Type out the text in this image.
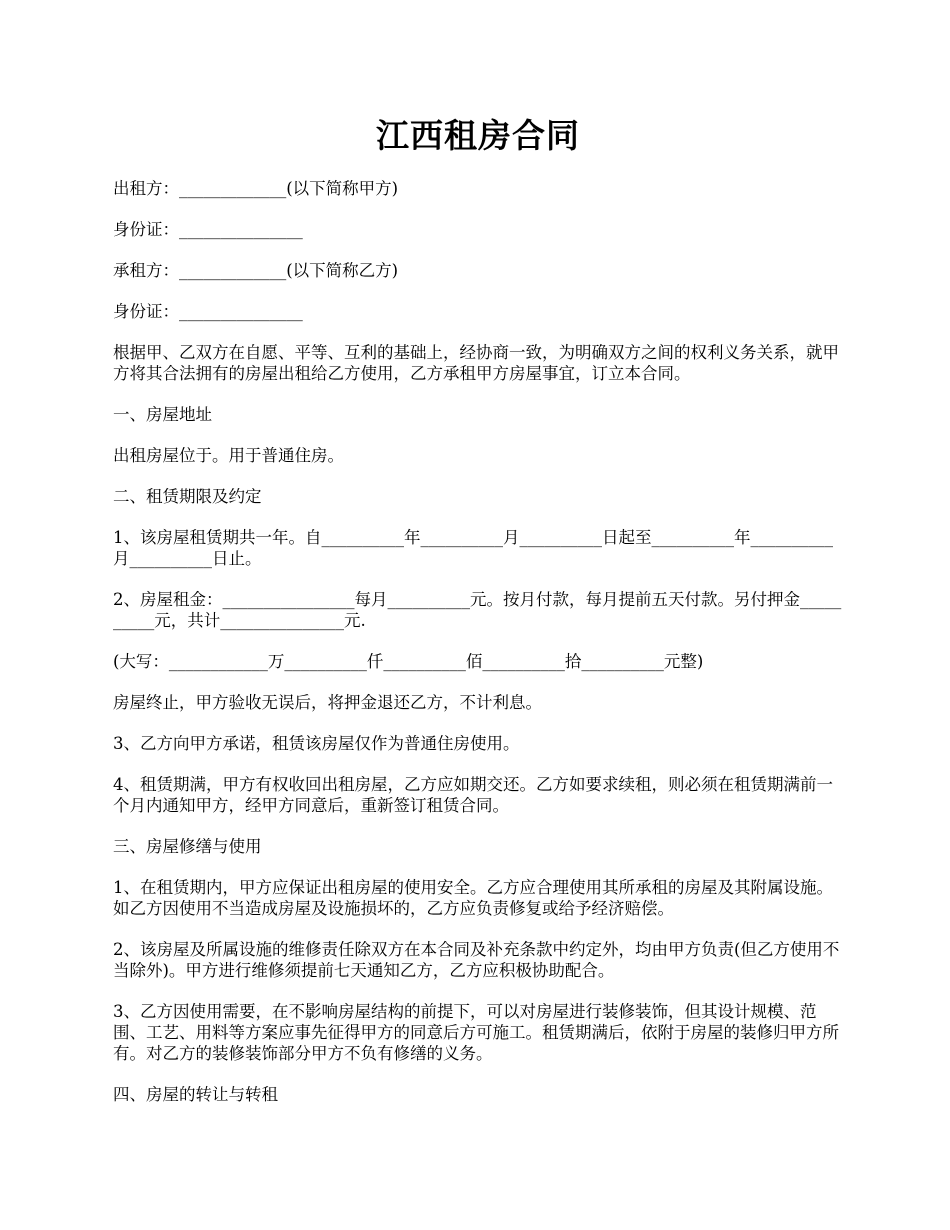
江西租房合同

出租方：_____________(以下简称甲方)

身份证：_______________

承租方：_____________(以下简称乙方)

身份证：_______________

根据甲、乙双方在自愿、平等、互利的基础上，经协商一致，为明确双方之间的权利义务关系，就甲方将其合法拥有的房屋出租给乙方使用，乙方承租甲方房屋事宜，订立本合同。

一、房屋地址

出租房屋位于。用于普通住房。

二、租赁期限及约定

1、该房屋租赁期共一年。自__________年__________月__________日起至__________年__________月__________日止。

2、房屋租金：________________每月__________元。按月付款，每月提前五天付款。另付押金__________元，共计_______________元.

(大写：____________万__________仟__________佰__________拾__________元整)

房屋终止，甲方验收无误后，将押金退还乙方，不计利息。

3、乙方向甲方承诺，租赁该房屋仅作为普通住房使用。

4、租赁期满，甲方有权收回出租房屋，乙方应如期交还。乙方如要求续租，则必须在租赁期满前一个月内通知甲方，经甲方同意后，重新签订租赁合同。

三、房屋修缮与使用

1、在租赁期内，甲方应保证出租房屋的使用安全。乙方应合理使用其所承租的房屋及其附属设施。如乙方因使用不当造成房屋及设施损坏的，乙方应负责修复或给予经济赔偿。

2、该房屋及所属设施的维修责任除双方在本合同及补充条款中约定外，均由甲方负责(但乙方使用不当除外)。甲方进行维修须提前七天通知乙方，乙方应积极协助配合。

3、乙方因使用需要，在不影响房屋结构的前提下，可以对房屋进行装修装饰，但其设计规模、范围、工艺、用料等方案应事先征得甲方的同意后方可施工。租赁期满后，依附于房屋的装修归甲方所有。对乙方的装修装饰部分甲方不负有修缮的义务。

四、房屋的转让与转租
